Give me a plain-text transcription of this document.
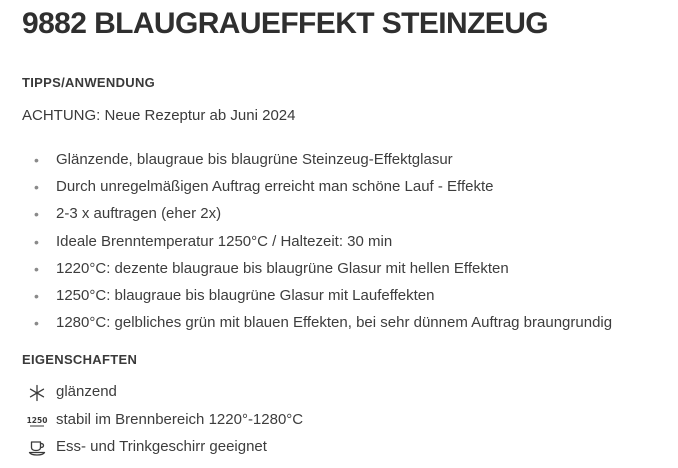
9882 BLAUGRAUEFFEKT STEINZEUG
TIPPS/ANWENDUNG
ACHTUNG: Neue Rezeptur ab Juni 2024
• Glänzende, blaugraue bis blaugrüne Steinzeug-Effektglasur
• Durch unregelmäßigen Auftrag erreicht man schöne Lauf - Effekte
• 2-3 x auftragen (eher 2x)
• Ideale Brenntemperatur 1250°C / Haltezeit: 30 min
• 1220°C: dezente blaugraue bis blaugrüne Glasur mit hellen Effekten
• 1250°C: blaugraue bis blaugrüne Glasur mit Laufeffekten
• 1280°C: gelbliches grün mit blauen Effekten, bei sehr dünnem Auftrag braungrundig
EIGENSCHAFTEN
glänzend
1250 stabil im Brennbereich 1220°-1280°C
Ess- und Trinkgeschirr geeignet
